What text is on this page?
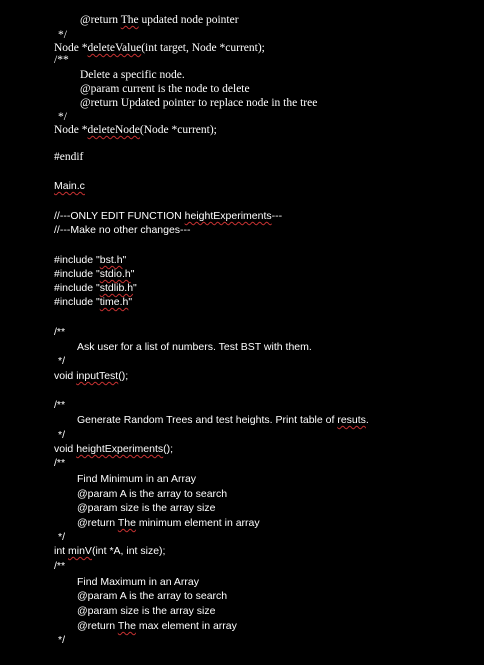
@return The updated node pointer
*/
Node *deleteValue(int target, Node *current);
/**
Delete a specific node.
@param current is the node to delete
@return Updated pointer to replace node in the tree
*/
Node *deleteNode(Node *current);
#endif
Main.c
//---ONLY EDIT FUNCTION heightExperiments---
//---Make no other changes---
#include "bst.h"
#include "stdio.h"
#include "stdlib.h"
#include "time.h"
/**
Ask user for a list of numbers. Test BST with them.
*/
void inputTest();
/**
Generate Random Trees and test heights. Print table of resuts.
*/
void heightExperiments();
/**
Find Minimum in an Array
@param A is the array to search
@param size is the array size
@return The minimum element in array
*/
int minV(int *A, int size);
/**
Find Maximum in an Array
@param A is the array to search
@param size is the array size
@return The max element in array
*/
